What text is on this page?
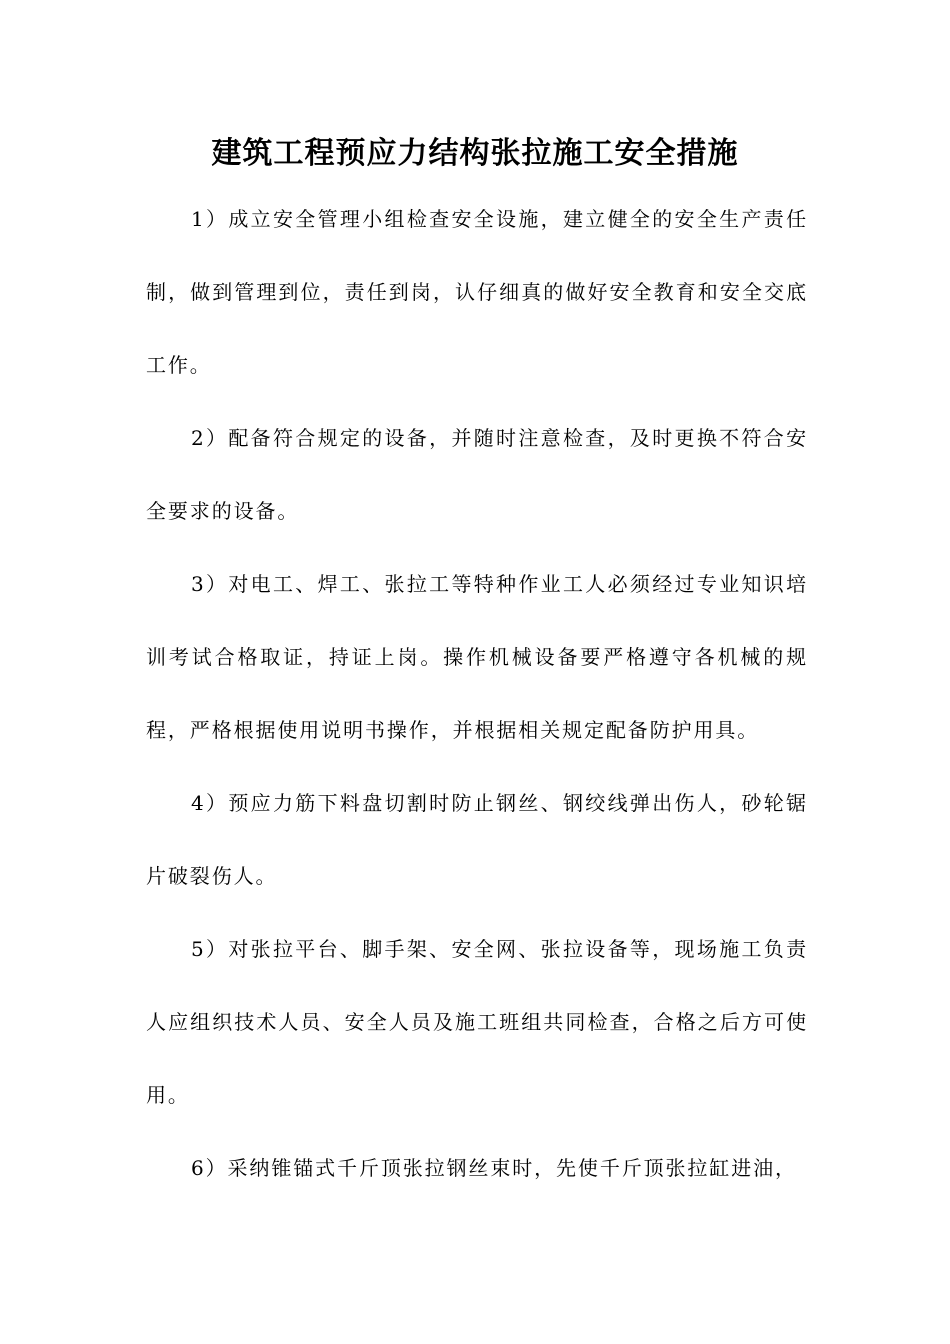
建筑工程预应力结构张拉施工安全措施

1）成立安全管理小组检查安全设施，建立健全的安全生产责任制，做到管理到位，责任到岗，认仔细真的做好安全教育和安全交底工作。

2）配备符合规定的设备，并随时注意检查，及时更换不符合安全要求的设备。

3）对电工、焊工、张拉工等特种作业工人必须经过专业知识培训考试合格取证，持证上岗。操作机械设备要严格遵守各机械的规程，严格根据使用说明书操作，并根据相关规定配备防护用具。

4）预应力筋下料盘切割时防止钢丝、钢绞线弹出伤人，砂轮锯片破裂伤人。

5）对张拉平台、脚手架、安全网、张拉设备等，现场施工负责人应组织技术人员、安全人员及施工班组共同检查，合格之后方可使用。

6）采纳锥锚式千斤顶张拉钢丝束时，先使千斤顶张拉缸进油，
